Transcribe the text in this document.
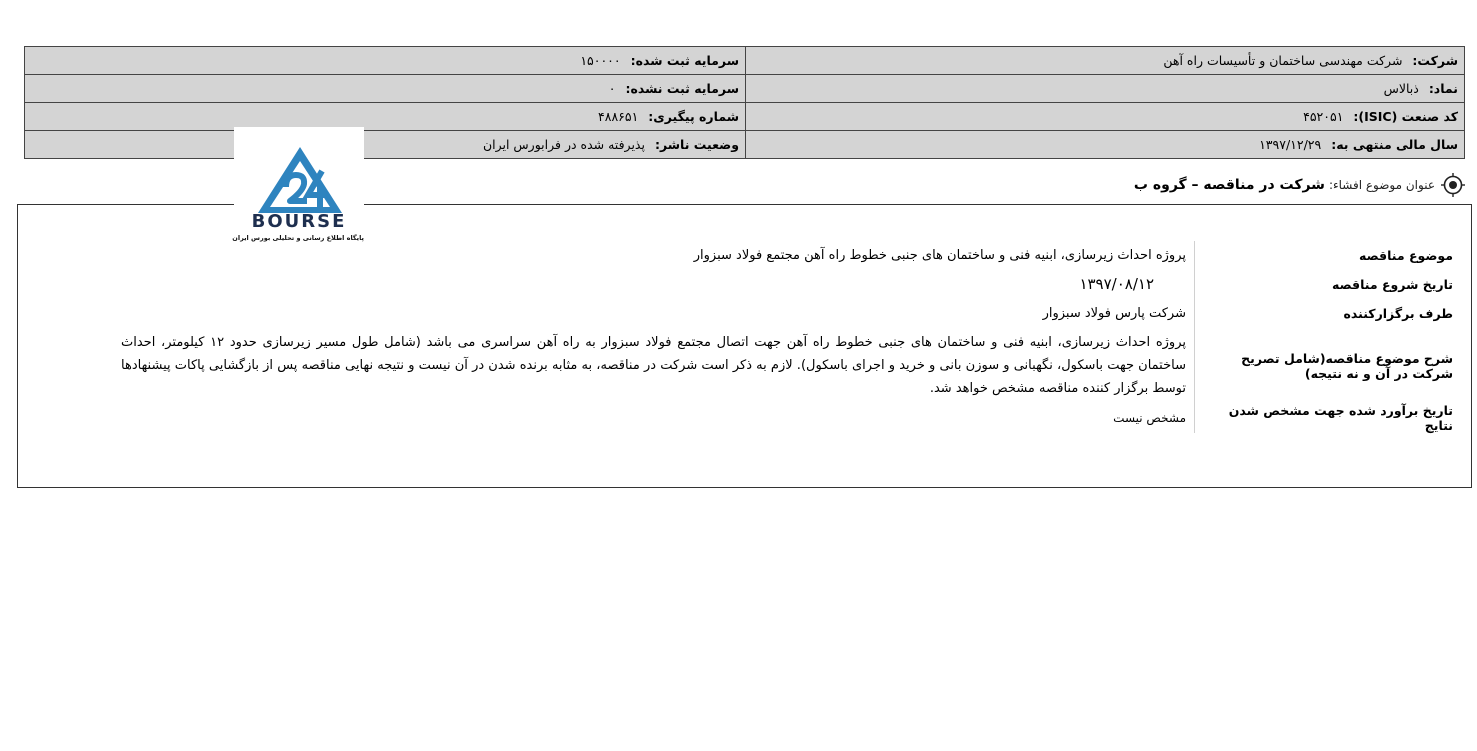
شرکت: شرکت مهندسی ساختمان و تأسیسات راه آهن	سرمایه ثبت شده: ۱۵۰۰۰۰
نماد: ذبالاس	سرمایه ثبت نشده: ۰
کد صنعت (ISIC): ۴۵۲۰۵۱	شماره پیگیری: ۴۸۸۶۵۱
سال مالی منتهی به: ۱۳۹۷/۱۲/۲۹	وضعیت ناشر: پذیرفته شده در فرابورس ایران
عنوان موضوع افشاء:
شرکت در مناقصه – گروه ب
موضوع مناقصه	پروژه احداث زیرسازی، ابنیه فنی و ساختمان های جنبی خطوط راه آهن مجتمع فولاد سبزوار
تاریخ شروع مناقصه	۱۳۹۷/۰۸/۱۲
طرف برگزارکننده	شرکت پارس فولاد سبزوار
شرح موضوع مناقصه(شامل تصریح شرکت در آن و نه نتیجه)	پروژه احداث زیرسازی، ابنیه فنی و ساختمان های جنبی خطوط راه آهن جهت اتصال مجتمع فولاد سبزوار به راه آهن سراسری می باشد (شامل طول مسیر زیرسازی حدود ۱۲ کیلومتر، احداث ساختمان جهت باسکول، نگهبانی و سوزن بانی و خرید و اجرای باسکول). لازم به ذکر است شرکت در مناقصه، به مثابه برنده شدن در آن نیست و نتیجه نهایی مناقصه پس از بازگشایی پاکات پیشنهادها توسط برگزار کننده مناقصه مشخص خواهد شد.

تاریخ برآورد شده جهت مشخص شدن نتایج	مشخص نیست
BOURSE
پایگاه اطلاع رسانی و تحلیلی بورس ایران
